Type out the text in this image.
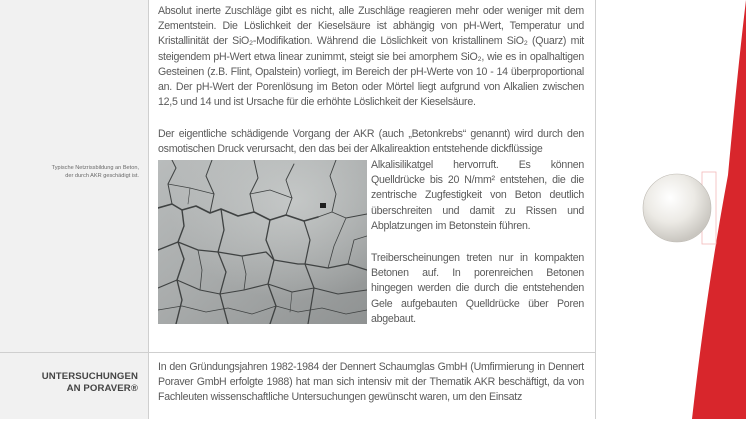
Typische Netzrissbildung an Beton, der durch AKR geschädigt ist.
UNTERSUCHUNGEN
AN PORAVER®

Absolut inerte Zuschläge gibt es nicht, alle Zuschläge reagieren mehr oder weniger mit dem Zementstein. Die Löslichkeit der Kieselsäure ist abhängig von pH-Wert, Temperatur und Kristallinität der SiO₂-Modifikation. Während die Löslichkeit von kristallinem SiO₂ (Quarz) mit steigendem pH-Wert etwa linear zunimmt, steigt sie bei amorphem SiO₂, wie es in opalhaltigen Gesteinen (z.B. Flint, Opalstein) vorliegt, im Bereich der pH-Werte von 10 - 14 überproportional an. Der pH-Wert der Porenlösung im Beton oder Mörtel liegt aufgrund von Alkalien zwischen 12,5 und 14 und ist Ursache für die erhöhte Löslichkeit der Kieselsäure.

Der eigentliche schädigende Vorgang der AKR (auch „Betonkrebs“ genannt) wird durch den osmotischen Druck verursacht, den das bei der Alkalireaktion entstehende dickflüssige

Alkalisilikatgel hervorruft. Es können Quelldrücke bis 20 N/mm² entstehen, die die zentrische Zugfestigkeit von Beton deutlich überschreiten und damit zu Rissen und Abplatzungen im Betonstein führen.

Treiberscheinungen treten nur in kompakten Betonen auf. In porenreichen Betonen hingegen werden die durch die entstehenden Gele aufgebauten Quelldrücke über Poren abgebaut.

In den Gründungsjahren 1982-1984 der Dennert Schaumglas GmbH (Umfirmierung in Dennert Poraver GmbH erfolgte 1988) hat man sich intensiv mit der Thematik AKR beschäftigt, da von Fachleuten wissenschaftliche Untersuchungen gewünscht waren, um den Einsatz
